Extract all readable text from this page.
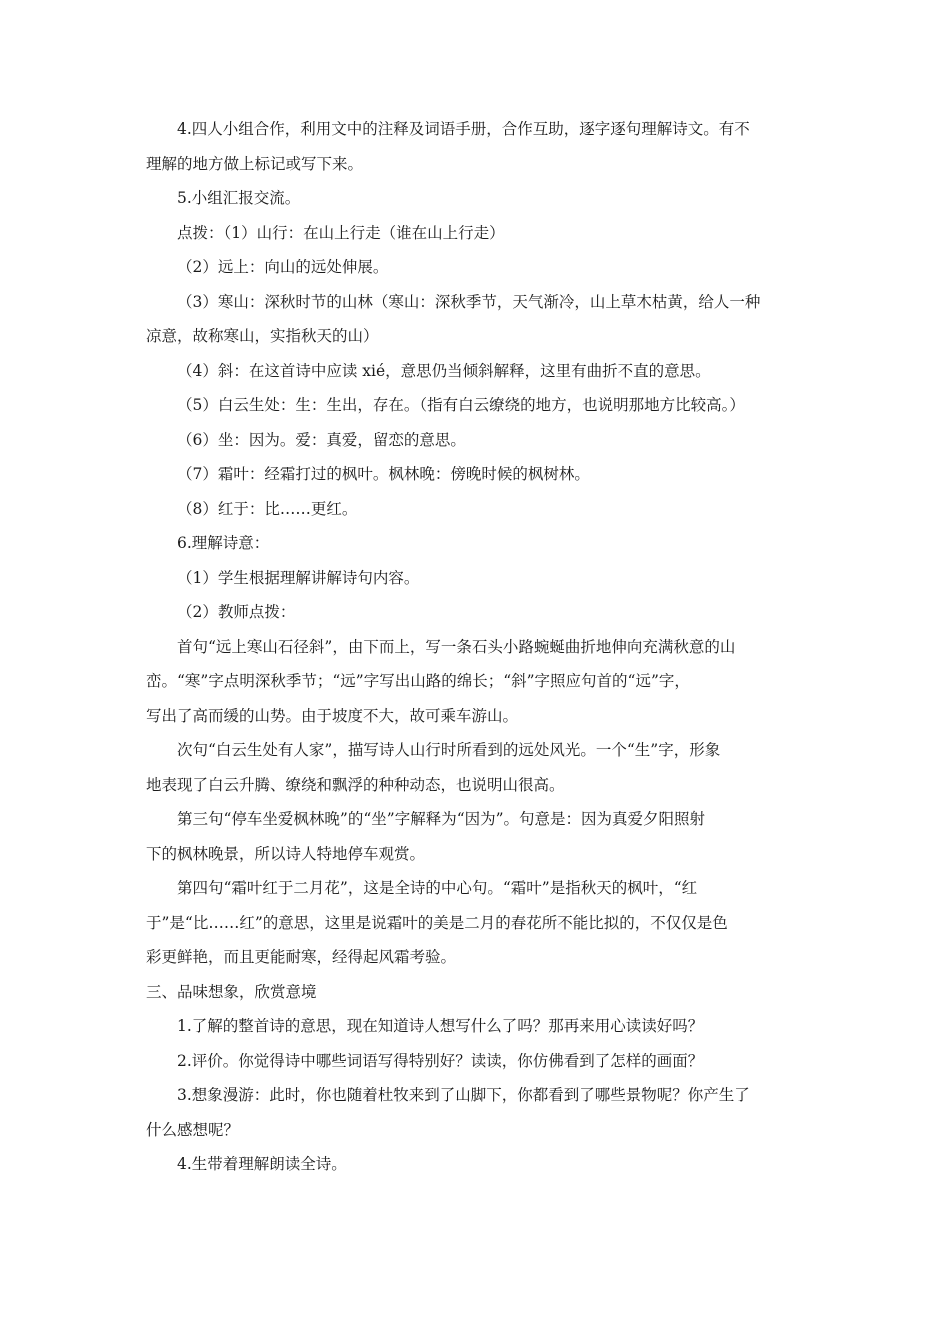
4.四人小组合作，利用文中的注释及词语手册，合作互助，逐字逐句理解诗文。有不

理解的地方做上标记或写下来。

5.小组汇报交流。

点拨：（1）山行：在山上行走（谁在山上行走）

（2）远上：向山的远处伸展。

（3）寒山：深秋时节的山林（寒山：深秋季节，天气渐冷，山上草木枯黄，给人一种

凉意，故称寒山，实指秋天的山）

（4）斜：在这首诗中应读 xié，意思仍当倾斜解释，这里有曲折不直的意思。

（5）白云生处：生：生出，存在。（指有白云缭绕的地方，也说明那地方比较高。）

（6）坐：因为。爱：真爱，留恋的意思。

（7）霜叶：经霜打过的枫叶。枫林晚：傍晚时候的枫树林。

（8）红于：比……更红。

6.理解诗意：

（1）学生根据理解讲解诗句内容。

（2）教师点拨：

首句“远上寒山石径斜”，由下而上，写一条石头小路蜿蜒曲折地伸向充满秋意的山

峦。“寒”字点明深秋季节；“远”字写出山路的绵长；“斜”字照应句首的“远”字，

写出了高而缓的山势。由于坡度不大，故可乘车游山。

次句“白云生处有人家”，描写诗人山行时所看到的远处风光。一个“生”字，形象

地表现了白云升腾、缭绕和飘浮的种种动态，也说明山很高。

第三句“停车坐爱枫林晚”的“坐”字解释为“因为”。句意是：因为真爱夕阳照射

下的枫林晚景，所以诗人特地停车观赏。

第四句“霜叶红于二月花”，这是全诗的中心句。“霜叶”是指秋天的枫叶，“红

于”是“比……红”的意思，这里是说霜叶的美是二月的春花所不能比拟的，不仅仅是色

彩更鲜艳，而且更能耐寒，经得起风霜考验。

三、品味想象，欣赏意境

1.了解的整首诗的意思，现在知道诗人想写什么了吗？那再来用心读读好吗？

2.评价。你觉得诗中哪些词语写得特别好？读读，你仿佛看到了怎样的画面？

3.想象漫游：此时，你也随着杜牧来到了山脚下，你都看到了哪些景物呢？你产生了

什么感想呢？

4.生带着理解朗读全诗。
